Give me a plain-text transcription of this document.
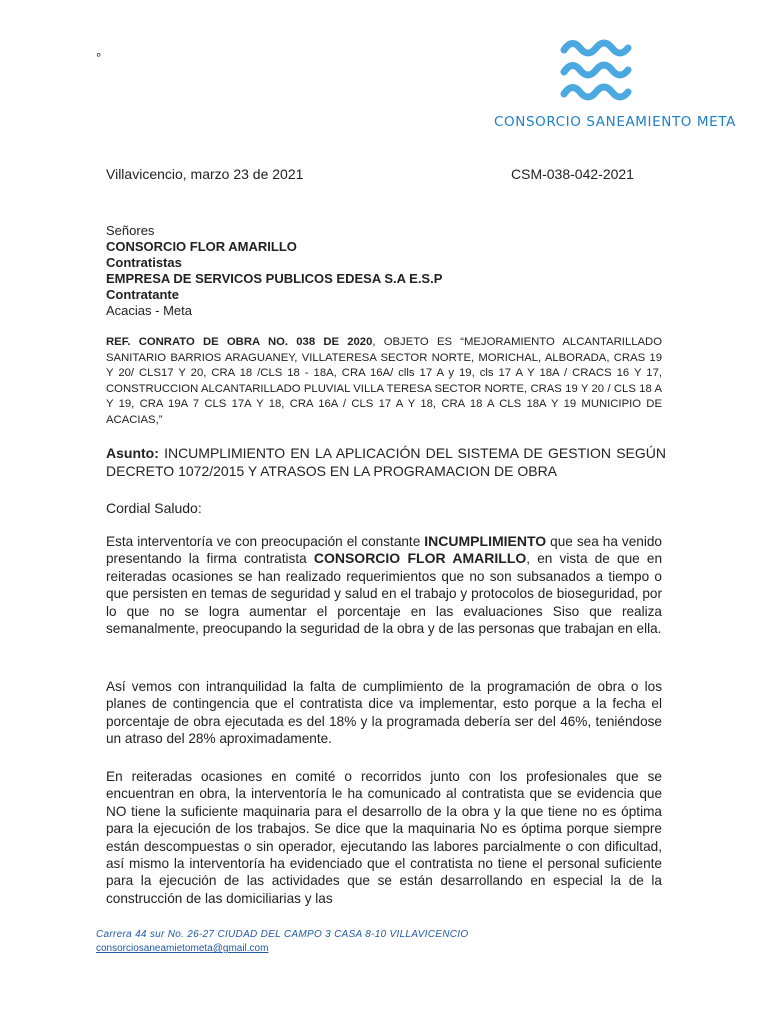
°
CONSORCIO SANEAMIENTO META
Villavicencio, marzo 23 de 2021	CSM-038-042-2021
Señores
CONSORCIO FLOR AMARILLO
Contratistas
EMPRESA DE SERVICOS PUBLICOS EDESA S.A E.S.P
Contratante
Acacias - Meta
REF. CONRATO DE OBRA NO. 038 DE 2020, OBJETO ES “MEJORAMIENTO ALCANTARILLADO SANITARIO BARRIOS ARAGUANEY, VILLATERESA SECTOR NORTE, MORICHAL, ALBORADA, CRAS 19 Y 20/ CLS17 Y 20, CRA 18 /CLS 18 - 18A, CRA 16A/ clls 17 A y 19, cls 17 A Y 18A / CRACS 16 Y 17, CONSTRUCCION ALCANTARILLADO PLUVIAL VILLA TERESA SECTOR NORTE, CRAS 19 Y 20 / CLS 18 A Y 19, CRA 19A 7 CLS 17A Y 18, CRA 16A / CLS 17 A Y 18, CRA 18 A CLS 18A Y 19 MUNICIPIO DE ACACIAS,”
Asunto: INCUMPLIMIENTO EN LA APLICACIÓN DEL SISTEMA DE GESTION SEGÚN DECRETO 1072/2015 Y ATRASOS EN LA PROGRAMACION DE OBRA
Cordial Saludo:
Esta interventoría ve con preocupación el constante INCUMPLIMIENTO que sea ha venido presentando la firma contratista CONSORCIO FLOR AMARILLO, en vista de que en reiteradas ocasiones se han realizado requerimientos que no son subsanados a tiempo o que persisten en temas de seguridad y salud en el trabajo y protocolos de bioseguridad, por lo que no se logra aumentar el porcentaje en las evaluaciones Siso que realiza semanalmente, preocupando la seguridad de la obra y de las personas que trabajan en ella.
Así vemos con intranquilidad la falta de cumplimiento de la programación de obra o los planes de contingencia que el contratista dice va implementar, esto porque a la fecha el porcentaje de obra ejecutada es del 18% y la programada debería ser del 46%, teniéndose un atraso del 28% aproximadamente.
En reiteradas ocasiones en comité o recorridos junto con los profesionales que se encuentran en obra, la interventoría le ha comunicado al contratista que se evidencia que NO tiene la suficiente maquinaria para el desarrollo de la obra y la que tiene no es óptima para la ejecución de los trabajos. Se dice que la maquinaria No es óptima porque siempre están descompuestas o sin operador, ejecutando las labores parcialmente o con dificultad, así mismo la interventoría ha evidenciado que el contratista no tiene el personal suficiente para la ejecución de las actividades que se están desarrollando en especial la de la construcción de las domiciliarias y las
Carrera 44 sur No. 26-27 CIUDAD DEL CAMPO 3 CASA 8-10 VILLAVICENCIO
consorciosaneamietometa@gmail.com
